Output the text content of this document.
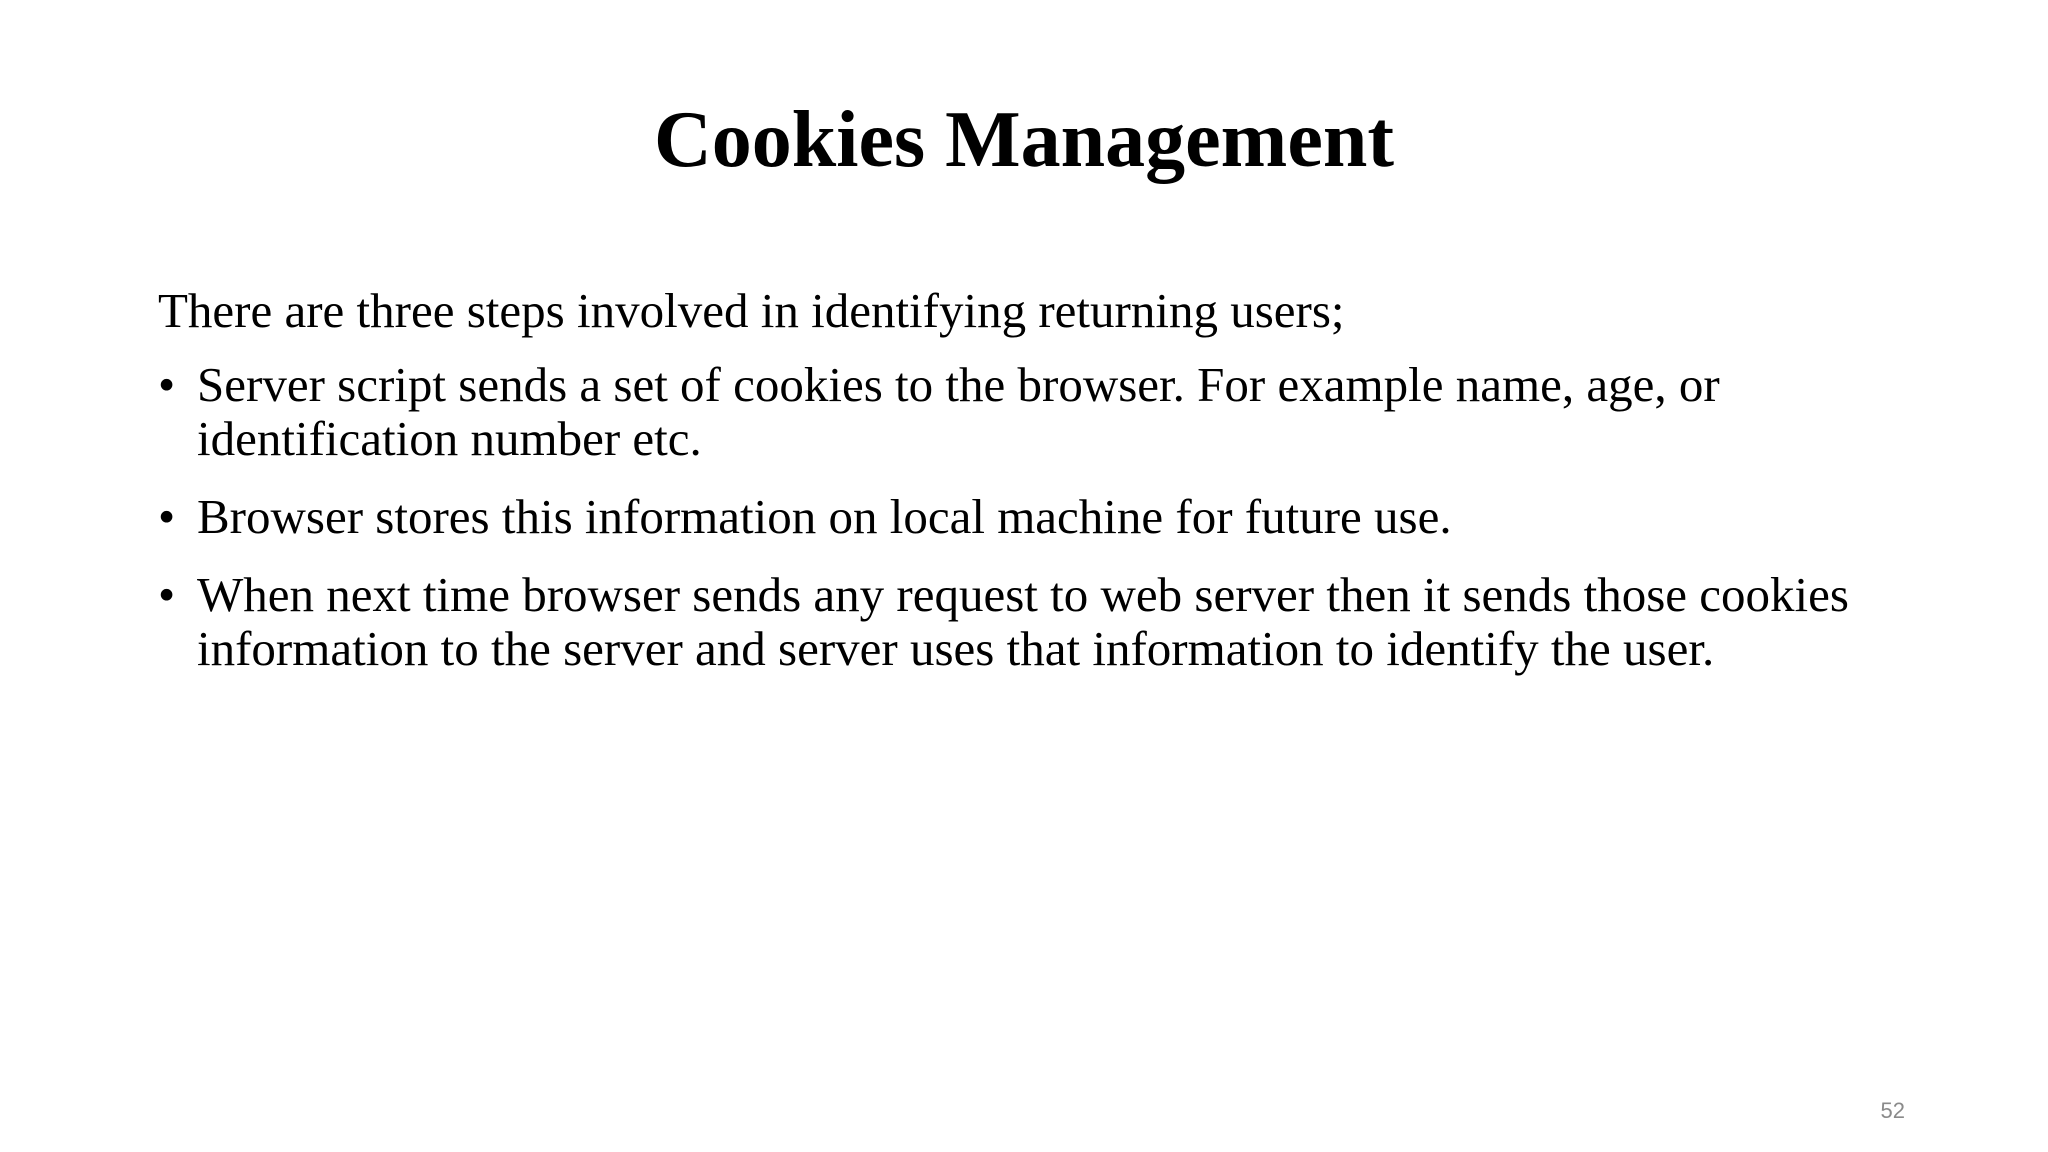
Cookies Management

There are three steps involved in identifying returning users;

• Server script sends a set of cookies to the browser. For example name, age, or identification number etc.
• Browser stores this information on local machine for future use.
• When next time browser sends any request to web server then it sends those cookies information to the server and server uses that information to identify the user.
52
